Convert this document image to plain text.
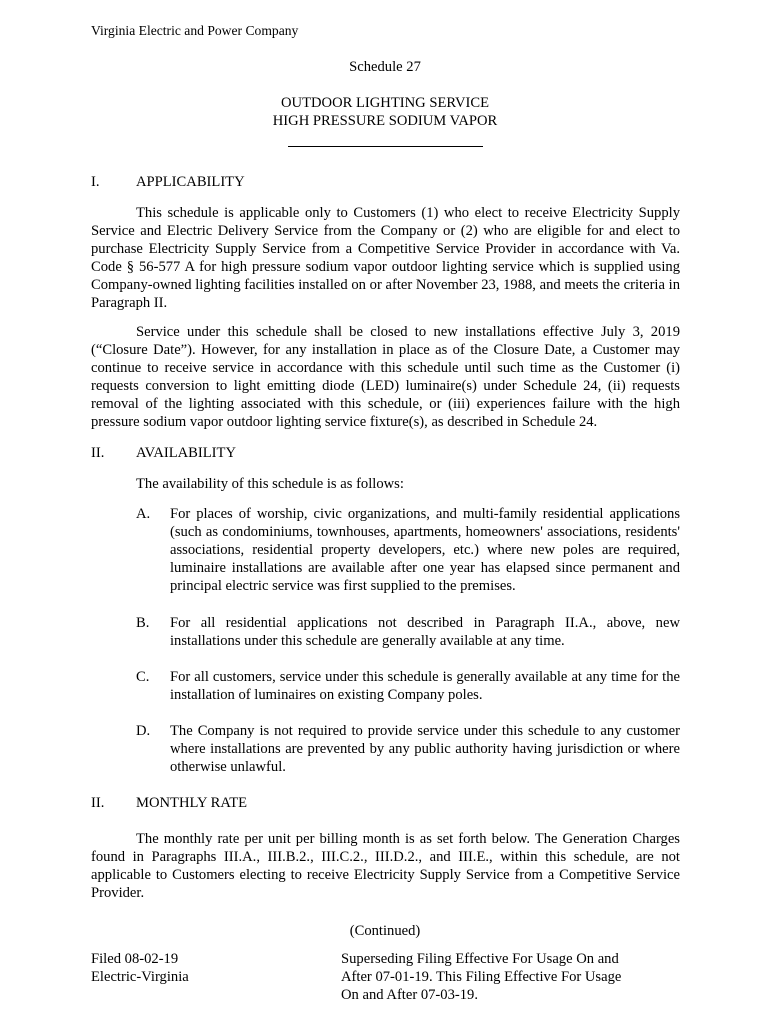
Virginia Electric and Power Company
Schedule 27
OUTDOOR LIGHTING SERVICE
HIGH PRESSURE SODIUM VAPOR
I. APPLICABILITY

This schedule is applicable only to Customers (1) who elect to receive Electricity Supply Service and Electric Delivery Service from the Company or (2) who are eligible for and elect to purchase Electricity Supply Service from a Competitive Service Provider in accordance with Va. Code § 56-577 A for high pressure sodium vapor outdoor lighting service which is supplied using Company-owned lighting facilities installed on or after November 23, 1988, and meets the criteria in Paragraph II.

Service under this schedule shall be closed to new installations effective July 3, 2019 (“Closure Date”). However, for any installation in place as of the Closure Date, a Customer may continue to receive service in accordance with this schedule until such time as the Customer (i) requests conversion to light emitting diode (LED) luminaire(s) under Schedule 24, (ii) requests removal of the lighting associated with this schedule, or (iii) experiences failure with the high pressure sodium vapor outdoor lighting service fixture(s), as described in Schedule 24.

II. AVAILABILITY

The availability of this schedule is as follows:

A. For places of worship, civic organizations, and multi-family residential applications (such as condominiums, townhouses, apartments, homeowners' associations, residents' associations, residential property developers, etc.) where new poles are required, luminaire installations are available after one year has elapsed since permanent and principal electric service was first supplied to the premises.

B. For all residential applications not described in Paragraph II.A., above, new installations under this schedule are generally available at any time.

C. For all customers, service under this schedule is generally available at any time for the installation of luminaires on existing Company poles.

D. The Company is not required to provide service under this schedule to any customer where installations are prevented by any public authority having jurisdiction or where otherwise unlawful.

II. MONTHLY RATE

The monthly rate per unit per billing month is as set forth below. The Generation Charges found in Paragraphs III.A., III.B.2., III.C.2., III.D.2., and III.E., within this schedule, are not applicable to Customers electing to receive Electricity Supply Service from a Competitive Service Provider.

(Continued)
Filed 08-02-19
Electric-Virginia
Superseding Filing Effective For Usage On and
After 07-01-19. This Filing Effective For Usage
On and After 07-03-19.
